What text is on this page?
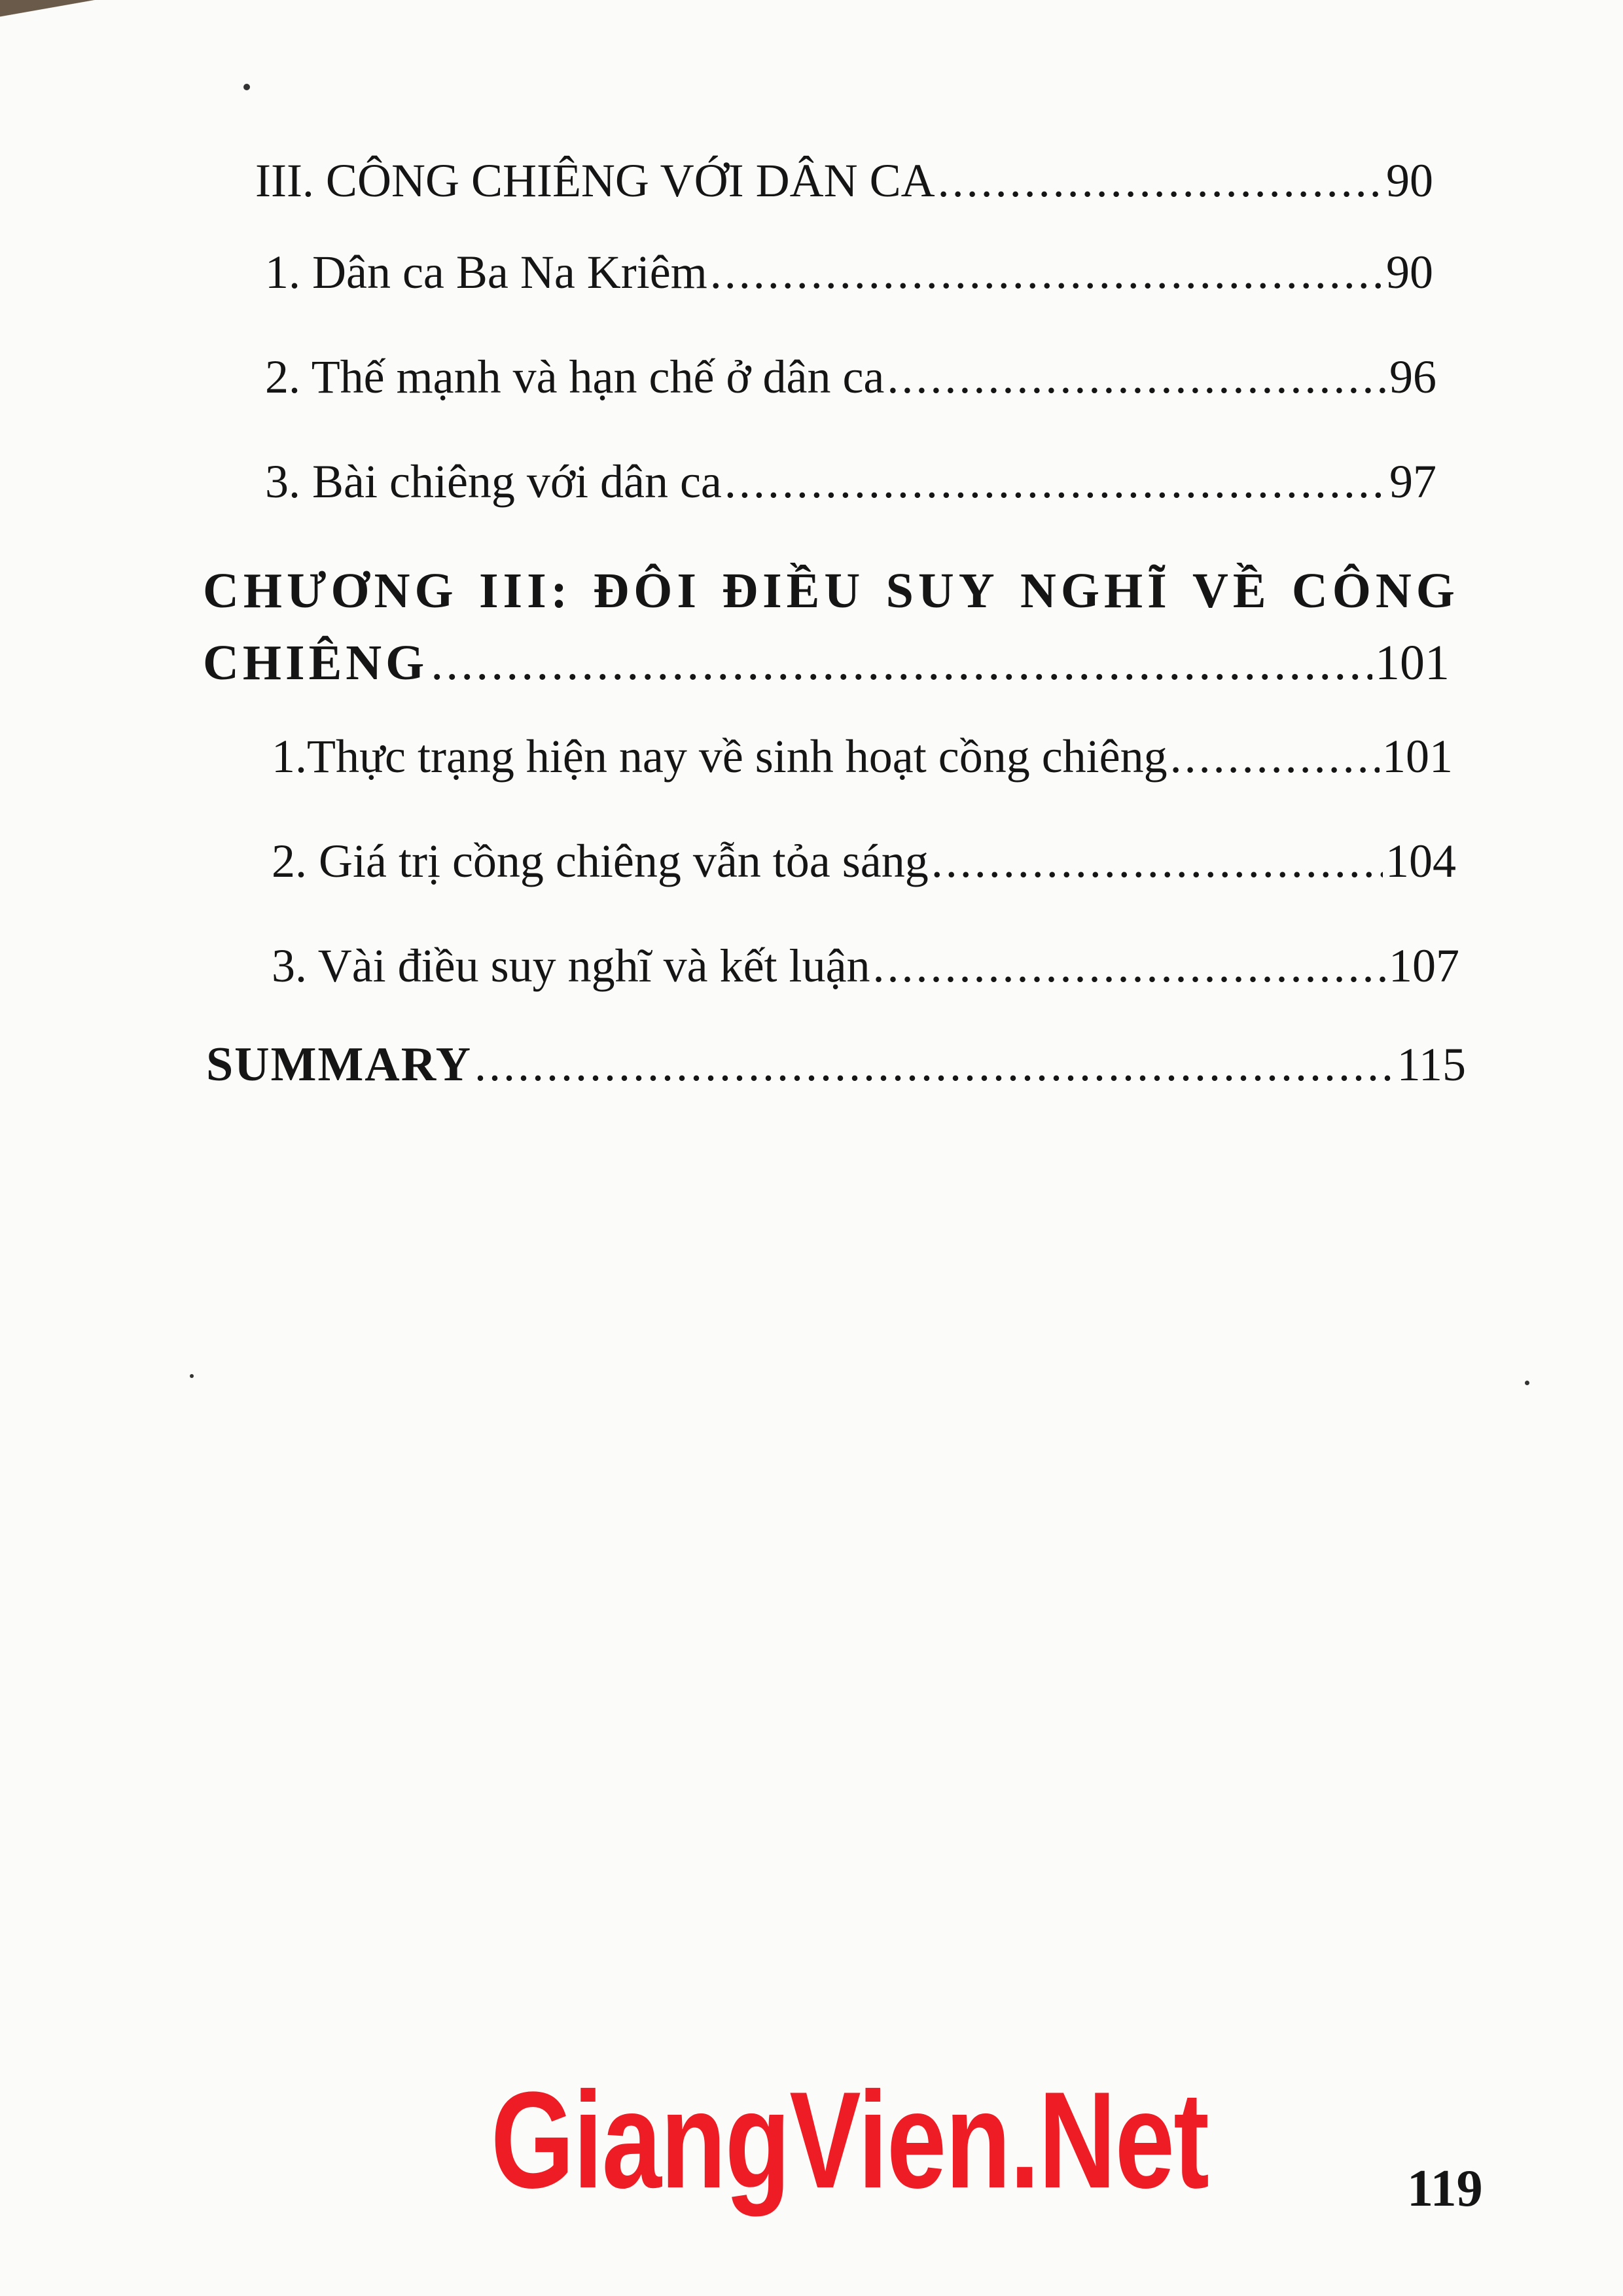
III. CÔNG CHIÊNG VỚI DÂN CA .....	90
1. Dân ca Ba Na Kriêm .....	90
2. Thế mạnh và hạn chế ở dân ca .....	96
3. Bài chiêng với dân ca .....	97
CHƯƠNG III: ĐÔI ĐIỀU SUY NGHĨ VỀ CÔNG
CHIÊNG .....	101
1.Thực trạng hiện nay về sinh hoạt cồng chiêng .....	101
2. Giá trị cồng chiêng vẫn tỏa sáng .....	104
3. Vài điều suy nghĩ và kết luận .....	107
SUMMARY .....	115
GiangVien.Net	119
